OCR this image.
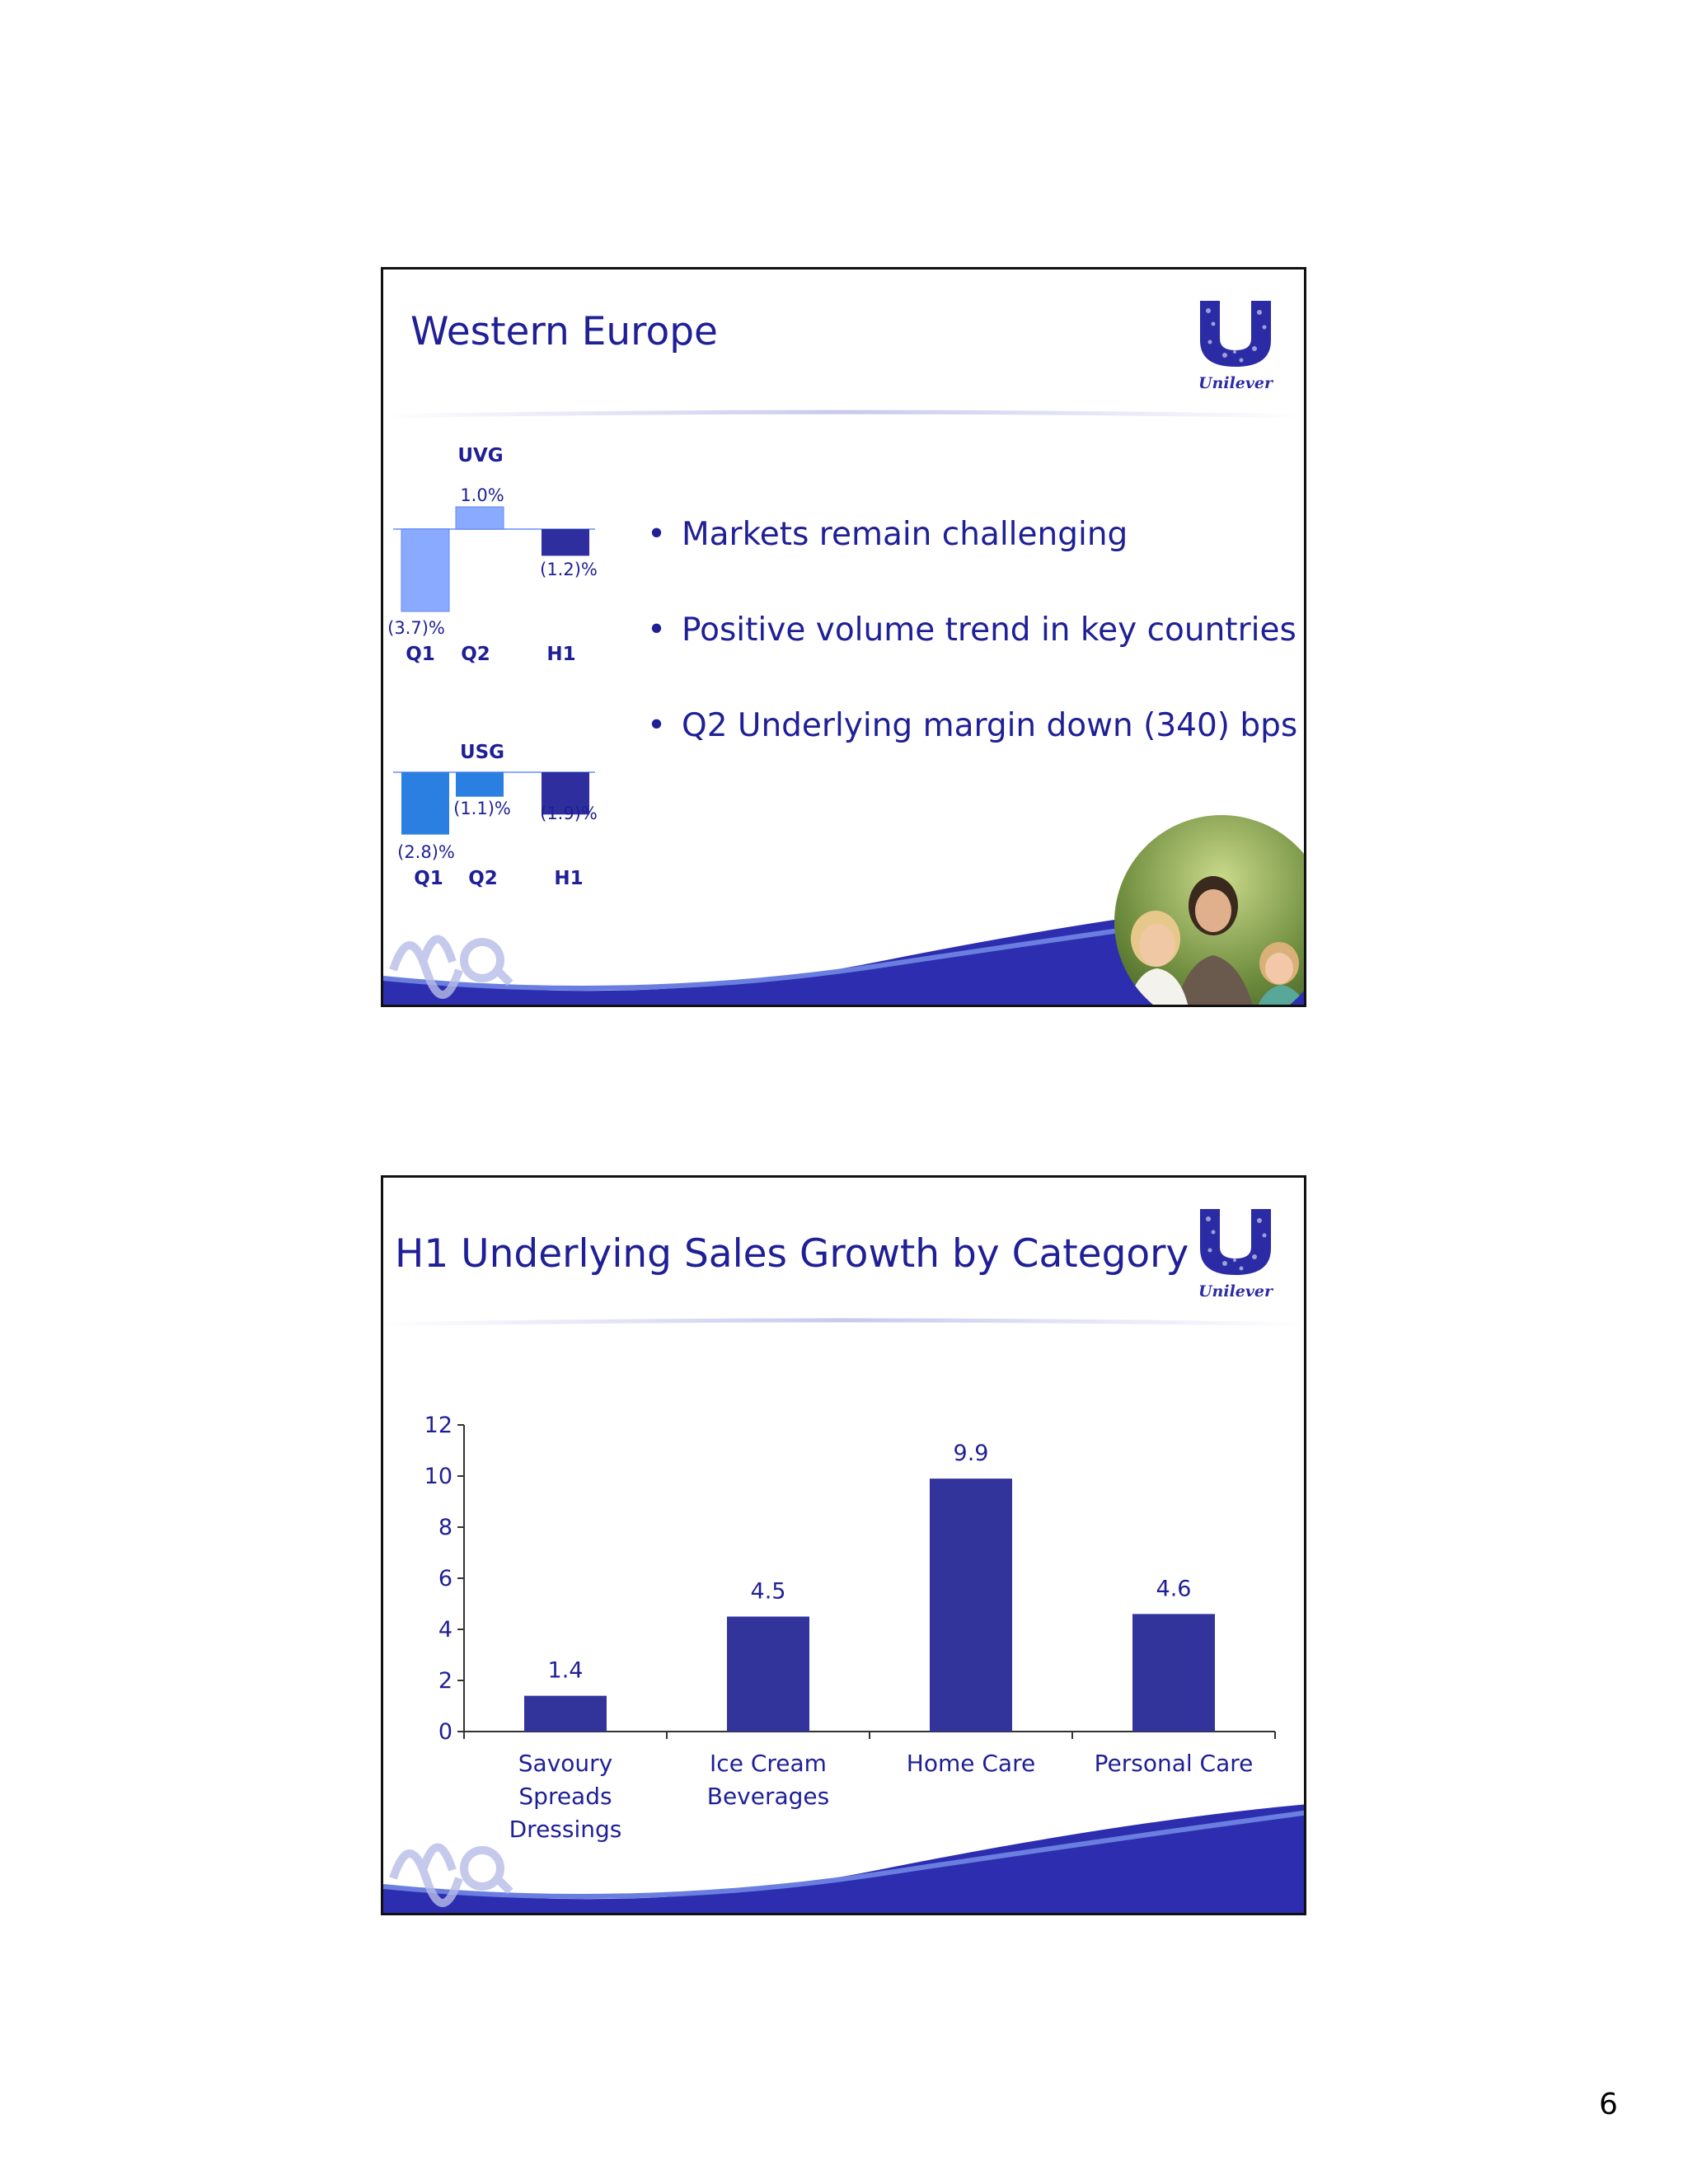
Western Europe
Unilever
UVG
(3.7)%
1.0%
(1.2)%
Q1 Q2	H1
USG
(2.8)%
(1.1)% (1.9)%
Q1 Q2	H1
• Markets remain challenging
• Positive volume trend in key countries
• Q2 Underlying margin down (340) bps
H1 Underlying Sales Growth by Category
Unilever
0
2
4
6
8
10
12
1.4
Savoury
Spreads
Dressings
4.5
Ice Cream
Beverages
9.9
Home Care
4.6
Personal Care
6
